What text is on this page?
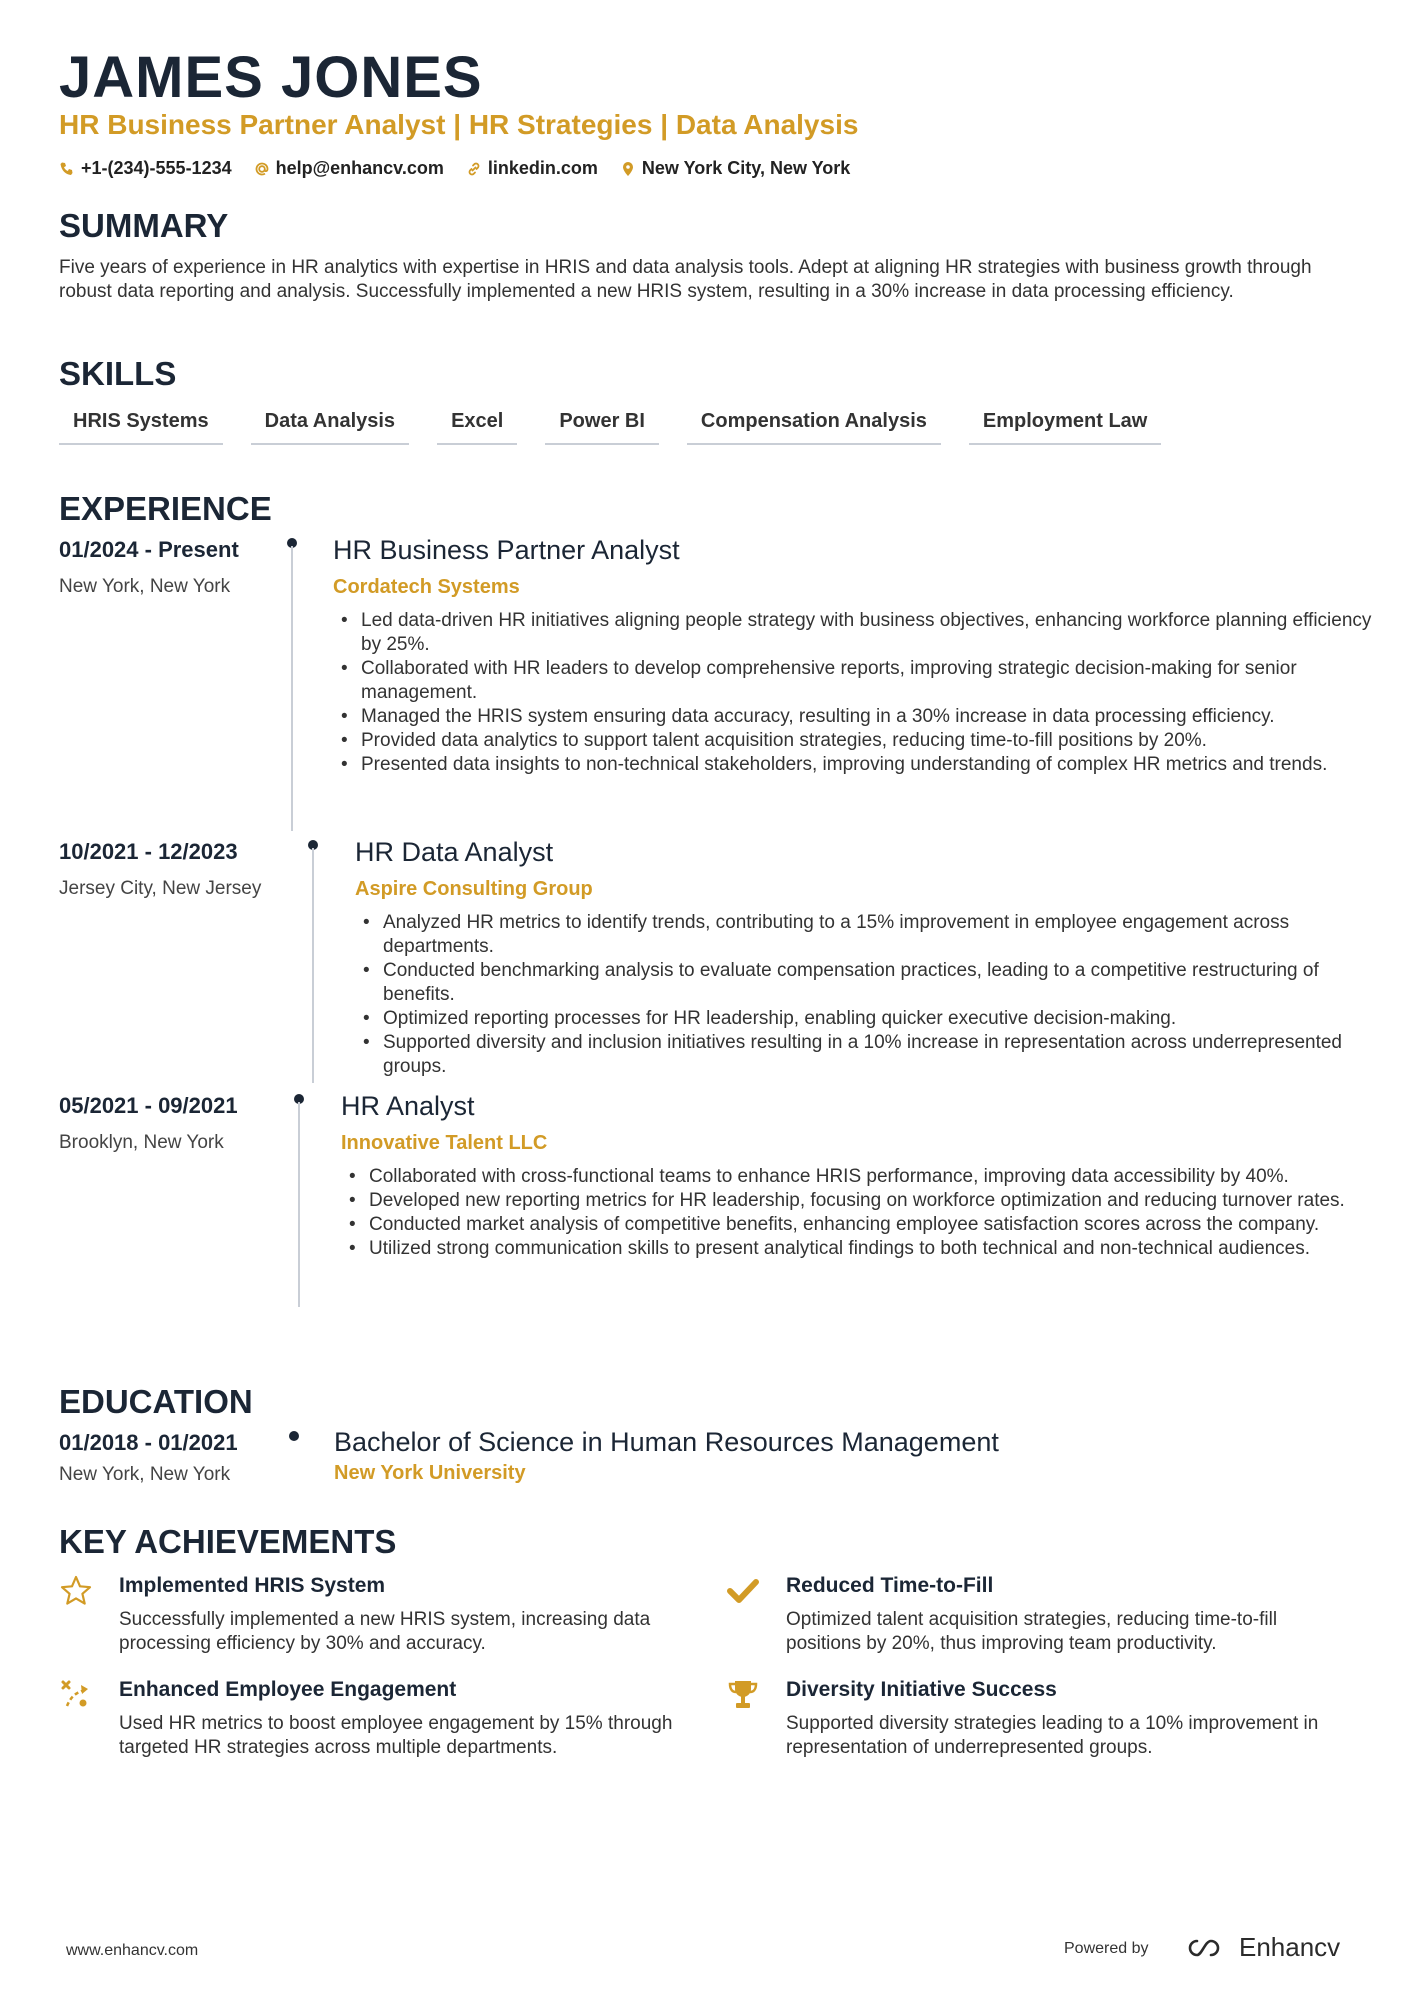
JAMES JONES
HR Business Partner Analyst | HR Strategies | Data Analysis
+1-(234)-555-1234 help@enhancv.com linkedin.com New York City, New York
SUMMARY
Five years of experience in HR analytics with expertise in HRIS and data analysis tools. Adept at aligning HR strategies with business growth through robust data reporting and analysis. Successfully implemented a new HRIS system, resulting in a 30% increase in data processing efficiency.
SKILLS
HRIS Systems	Data Analysis	Excel	Power BI	Compensation Analysis	Employment Law
EXPERIENCE
01/2024 - Present
New York, New York
HR Business Partner Analyst
Cordatech Systems
• Led data-driven HR initiatives aligning people strategy with business objectives, enhancing workforce planning efficiency by 25%.
• Collaborated with HR leaders to develop comprehensive reports, improving strategic decision-making for senior management.
• Managed the HRIS system ensuring data accuracy, resulting in a 30% increase in data processing efficiency.
• Provided data analytics to support talent acquisition strategies, reducing time-to-fill positions by 20%.
• Presented data insights to non-technical stakeholders, improving understanding of complex HR metrics and trends.
10/2021 - 12/2023
Jersey City, New Jersey
HR Data Analyst
Aspire Consulting Group
• Analyzed HR metrics to identify trends, contributing to a 15% improvement in employee engagement across departments.
• Conducted benchmarking analysis to evaluate compensation practices, leading to a competitive restructuring of benefits.
• Optimized reporting processes for HR leadership, enabling quicker executive decision-making.
• Supported diversity and inclusion initiatives resulting in a 10% increase in representation across underrepresented groups.
05/2021 - 09/2021
Brooklyn, New York
HR Analyst
Innovative Talent LLC
• Collaborated with cross-functional teams to enhance HRIS performance, improving data accessibility by 40%.
• Developed new reporting metrics for HR leadership, focusing on workforce optimization and reducing turnover rates.
• Conducted market analysis of competitive benefits, enhancing employee satisfaction scores across the company.
• Utilized strong communication skills to present analytical findings to both technical and non-technical audiences.
EDUCATION
01/2018 - 01/2021
New York, New York
Bachelor of Science in Human Resources Management
New York University
KEY ACHIEVEMENTS
Implemented HRIS System
Successfully implemented a new HRIS system, increasing data processing efficiency by 30% and accuracy.
Reduced Time-to-Fill
Optimized talent acquisition strategies, reducing time-to-fill positions by 20%, thus improving team productivity.
Enhanced Employee Engagement
Used HR metrics to boost employee engagement by 15% through targeted HR strategies across multiple departments.
Diversity Initiative Success
Supported diversity strategies leading to a 10% improvement in representation of underrepresented groups.
www.enhancv.com	Powered by	Enhancv
